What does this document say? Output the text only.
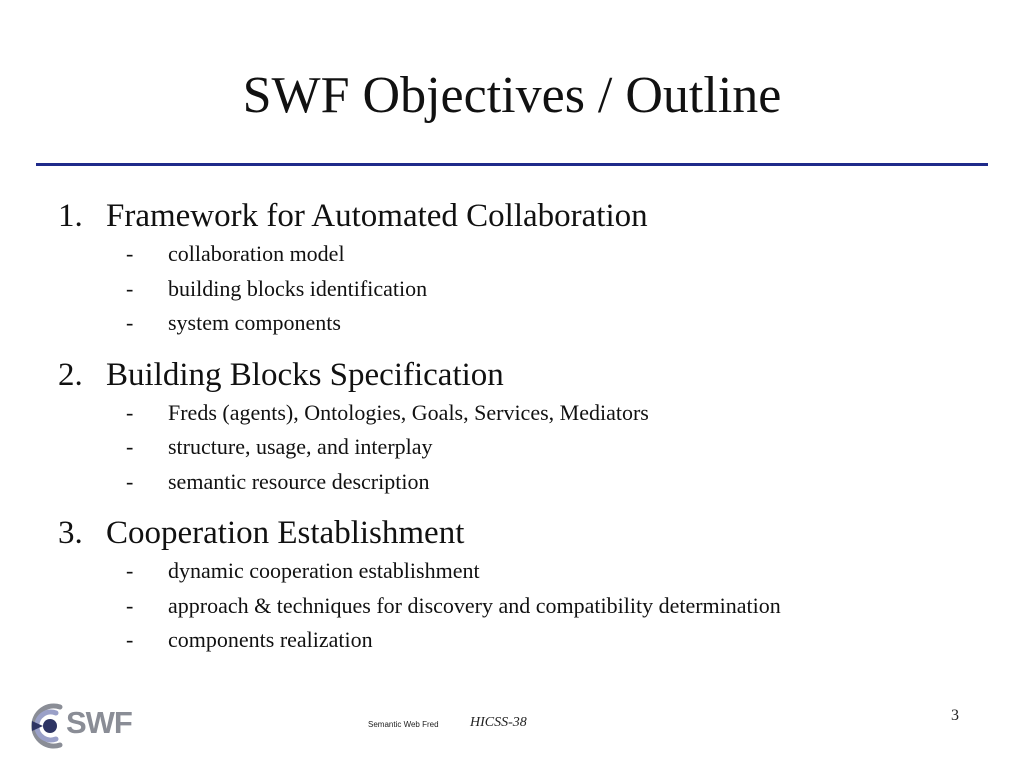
SWF Objectives / Outline
1. Framework for Automated Collaboration
- collaboration model
- building blocks identification
- system components
2. Building Blocks Specification
- Freds (agents), Ontologies, Goals, Services, Mediators
- structure, usage, and interplay
- semantic resource description
3. Cooperation Establishment
- dynamic cooperation establishment
- approach & techniques for discovery and compatibility determination
- components realization
SWF	Semantic Web Fred HICSS-38	3
